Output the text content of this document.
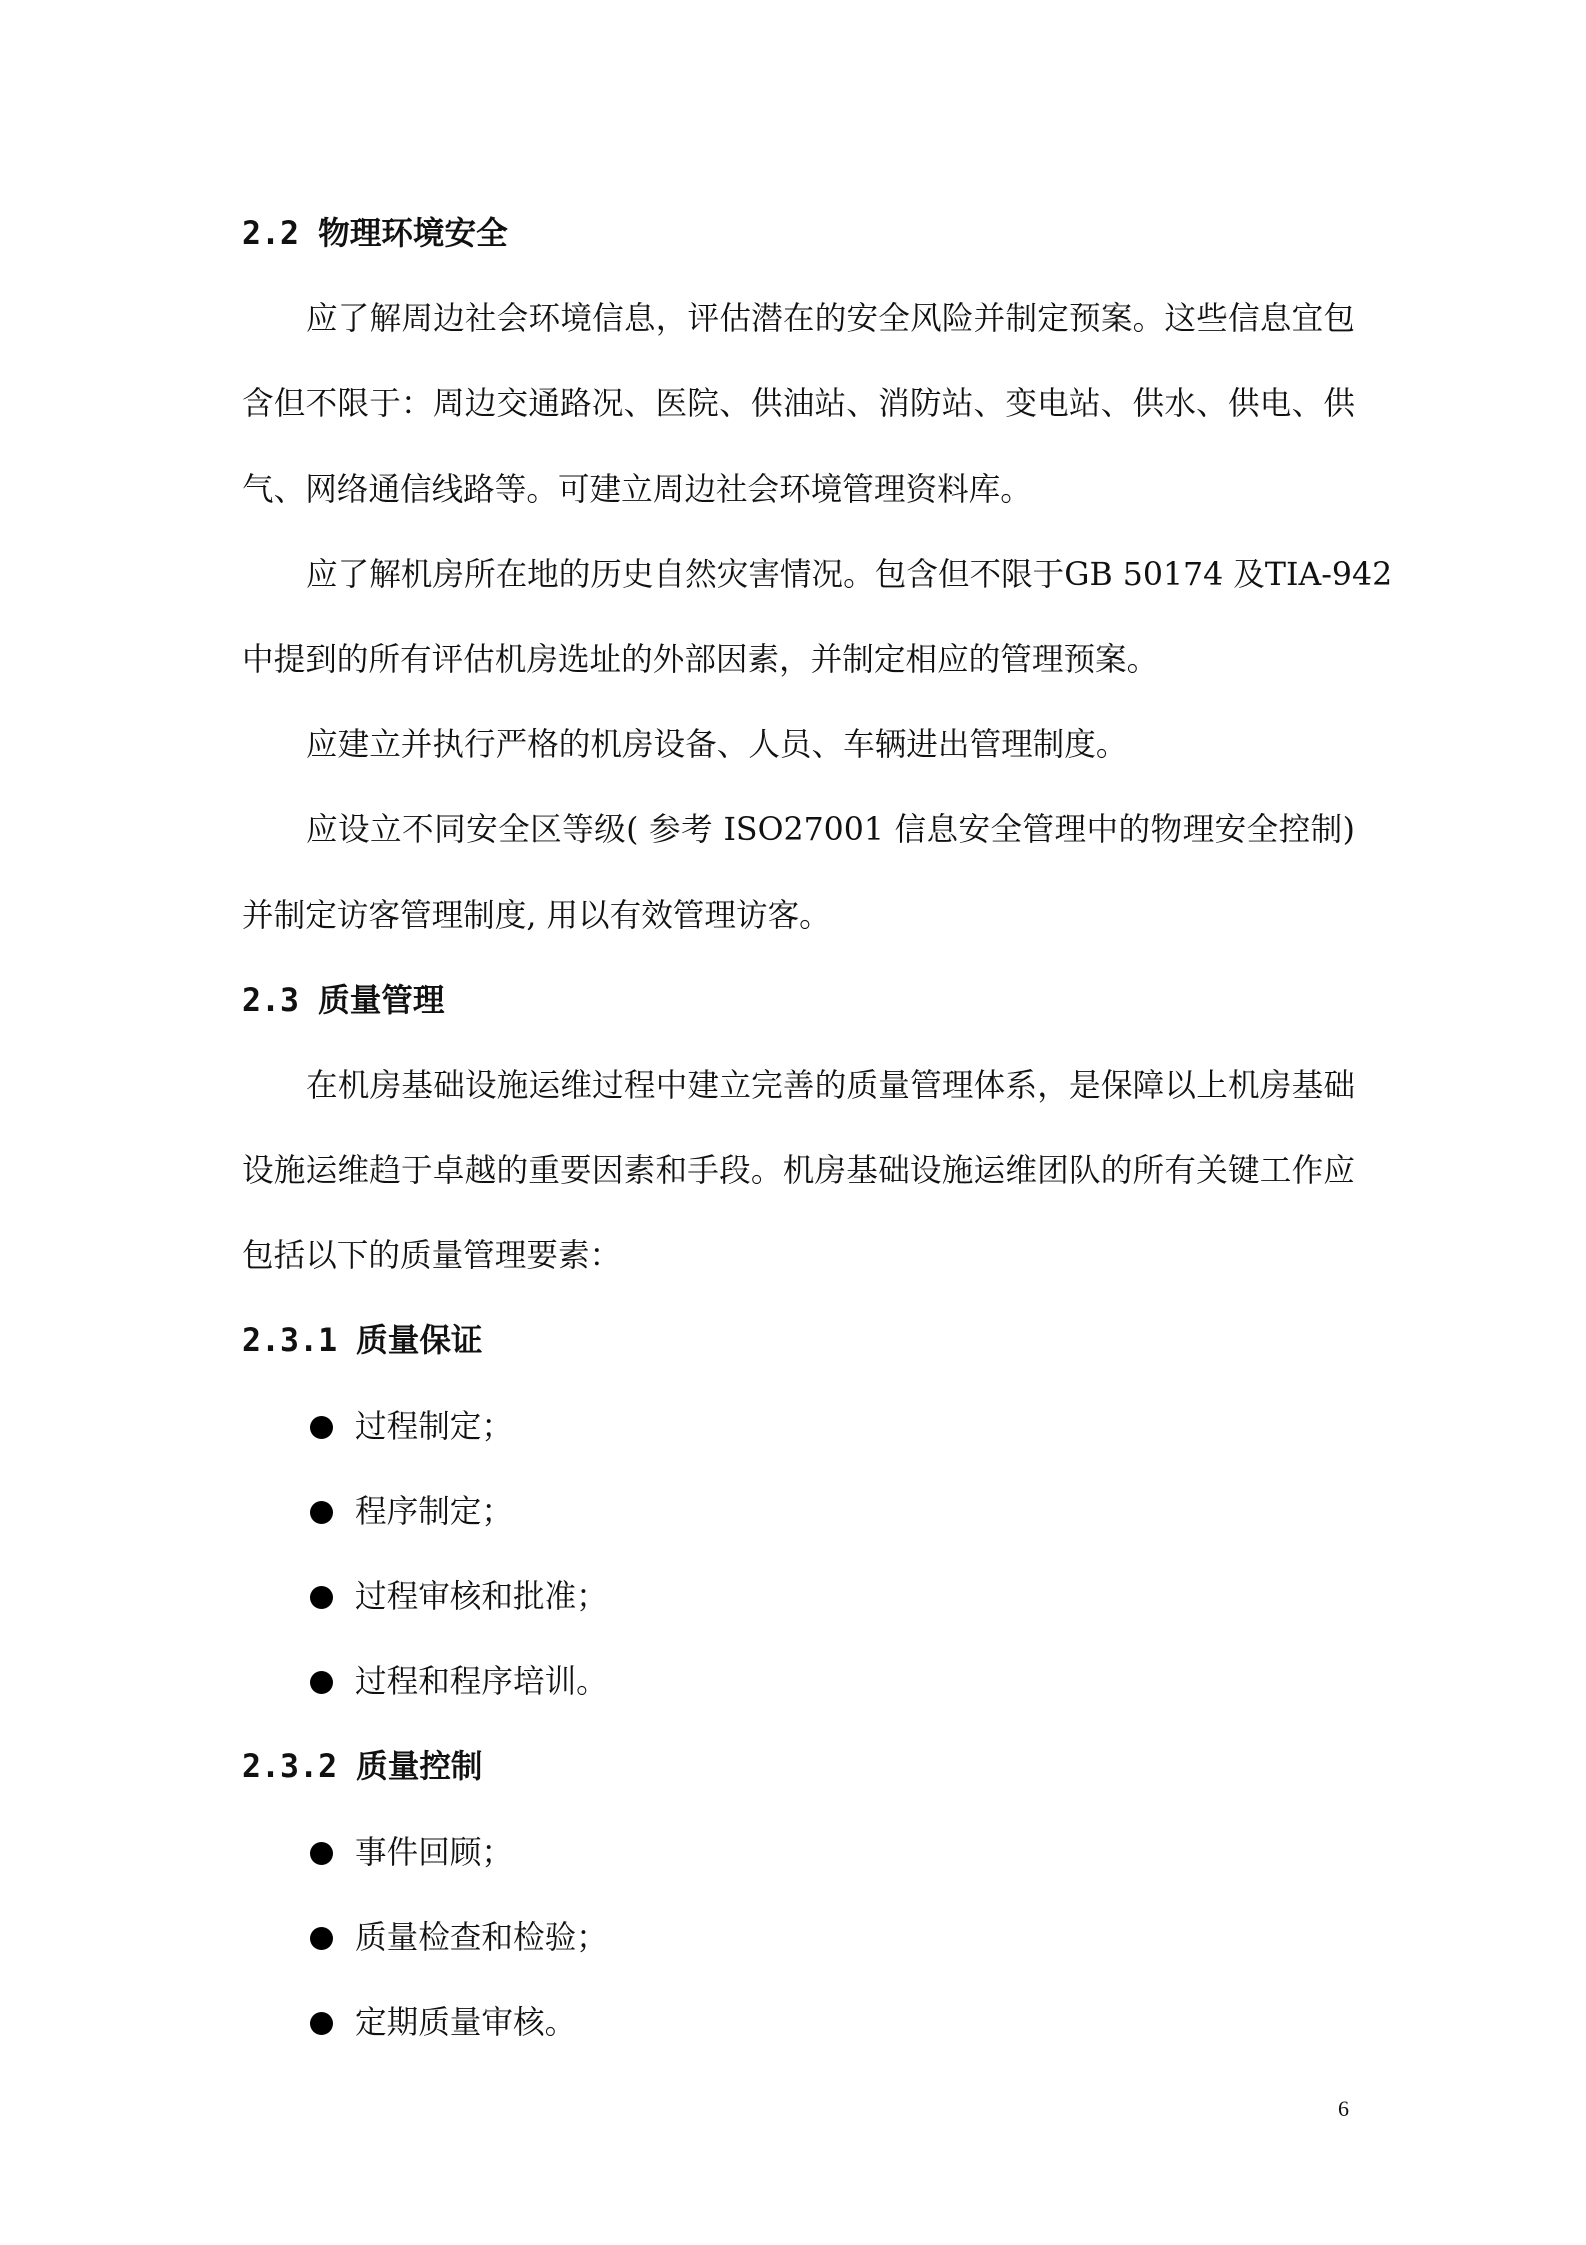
2.2 物理环境安全
应了解周边社会环境信息，评估潜在的安全风险并制定预案。这些信息宜包
含但不限于：周边交通路况、医院、供油站、消防站、变电站、供水、供电、供
气、网络通信线路等。可建立周边社会环境管理资料库。
应了解机房所在地的历史自然灾害情况。包含但不限于GB 50174 及TIA-942
中提到的所有评估机房选址的外部因素，并制定相应的管理预案。
应建立并执行严格的机房设备、人员、车辆进出管理制度。
应设立不同安全区等级( 参考 ISO27001 信息安全管理中的物理安全控制)
并制定访客管理制度, 用以有效管理访客。
2.3 质量管理
在机房基础设施运维过程中建立完善的质量管理体系，是保障以上机房基础
设施运维趋于卓越的重要因素和手段。机房基础设施运维团队的所有关键工作应
包括以下的质量管理要素：
2.3.1 质量保证
过程制定；
程序制定；
过程审核和批准；
过程和程序培训。
2.3.2 质量控制
事件回顾；
质量检查和检验；
定期质量审核。
6
